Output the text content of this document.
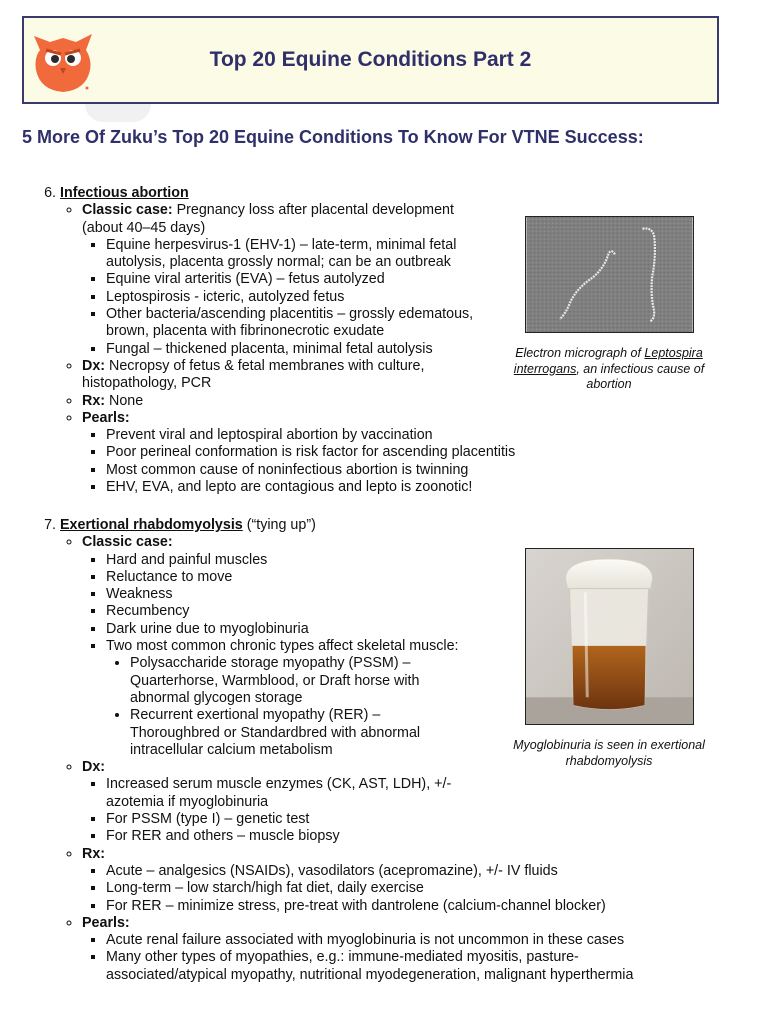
Top 20 Equine Conditions Part 2
5 More Of Zuku’s Top 20 Equine Conditions To Know For VTNE Success:
6. Infectious abortion
◦ Classic case: Pregnancy loss after placental development (about 40–45 days)
▪ Equine herpesvirus-1 (EHV-1) – late-term, minimal fetal autolysis, placenta grossly normal; can be an outbreak
▪ Equine viral arteritis (EVA) – fetus autolyzed
▪ Leptospirosis - icteric, autolyzed fetus
▪ Other bacteria/ascending placentitis – grossly edematous, brown, placenta with fibrinonecrotic exudate
▪ Fungal – thickened placenta, minimal fetal autolysis
◦ Dx: Necropsy of fetus & fetal membranes with culture, histopathology, PCR
◦ Rx: None
◦ Pearls:
▪ Prevent viral and leptospiral abortion by vaccination
▪ Poor perineal conformation is risk factor for ascending placentitis
▪ Most common cause of noninfectious abortion is twinning
▪ EHV, EVA, and lepto are contagious and lepto is zoonotic!
Electron micrograph of Leptospira interrogans, an infectious cause of abortion
7. Exertional rhabdomyolysis (“tying up”)
◦ Classic case:
▪ Hard and painful muscles
▪ Reluctance to move
▪ Weakness
▪ Recumbency
▪ Dark urine due to myoglobinuria
▪ Two most common chronic types affect skeletal muscle:
• Polysaccharide storage myopathy (PSSM) – Quarterhorse, Warmblood, or Draft horse with abnormal glycogen storage
• Recurrent exertional myopathy (RER) – Thoroughbred or Standardbred with abnormal intracellular calcium metabolism
◦ Dx:
▪ Increased serum muscle enzymes (CK, AST, LDH), +/- azotemia if myoglobinuria
▪ For PSSM (type I) – genetic test
▪ For RER and others – muscle biopsy
◦ Rx:
▪ Acute – analgesics (NSAIDs), vasodilators (acepromazine), +/- IV fluids
▪ Long-term – low starch/high fat diet, daily exercise
▪ For RER – minimize stress, pre-treat with dantrolene (calcium-channel blocker)
◦ Pearls:
▪ Acute renal failure associated with myoglobinuria is not uncommon in these cases
▪ Many other types of myopathies, e.g.: immune-mediated myositis, pasture-associated/atypical myopathy, nutritional myodegeneration, malignant hyperthermia
Myoglobinuria is seen in exertional rhabdomyolysis
